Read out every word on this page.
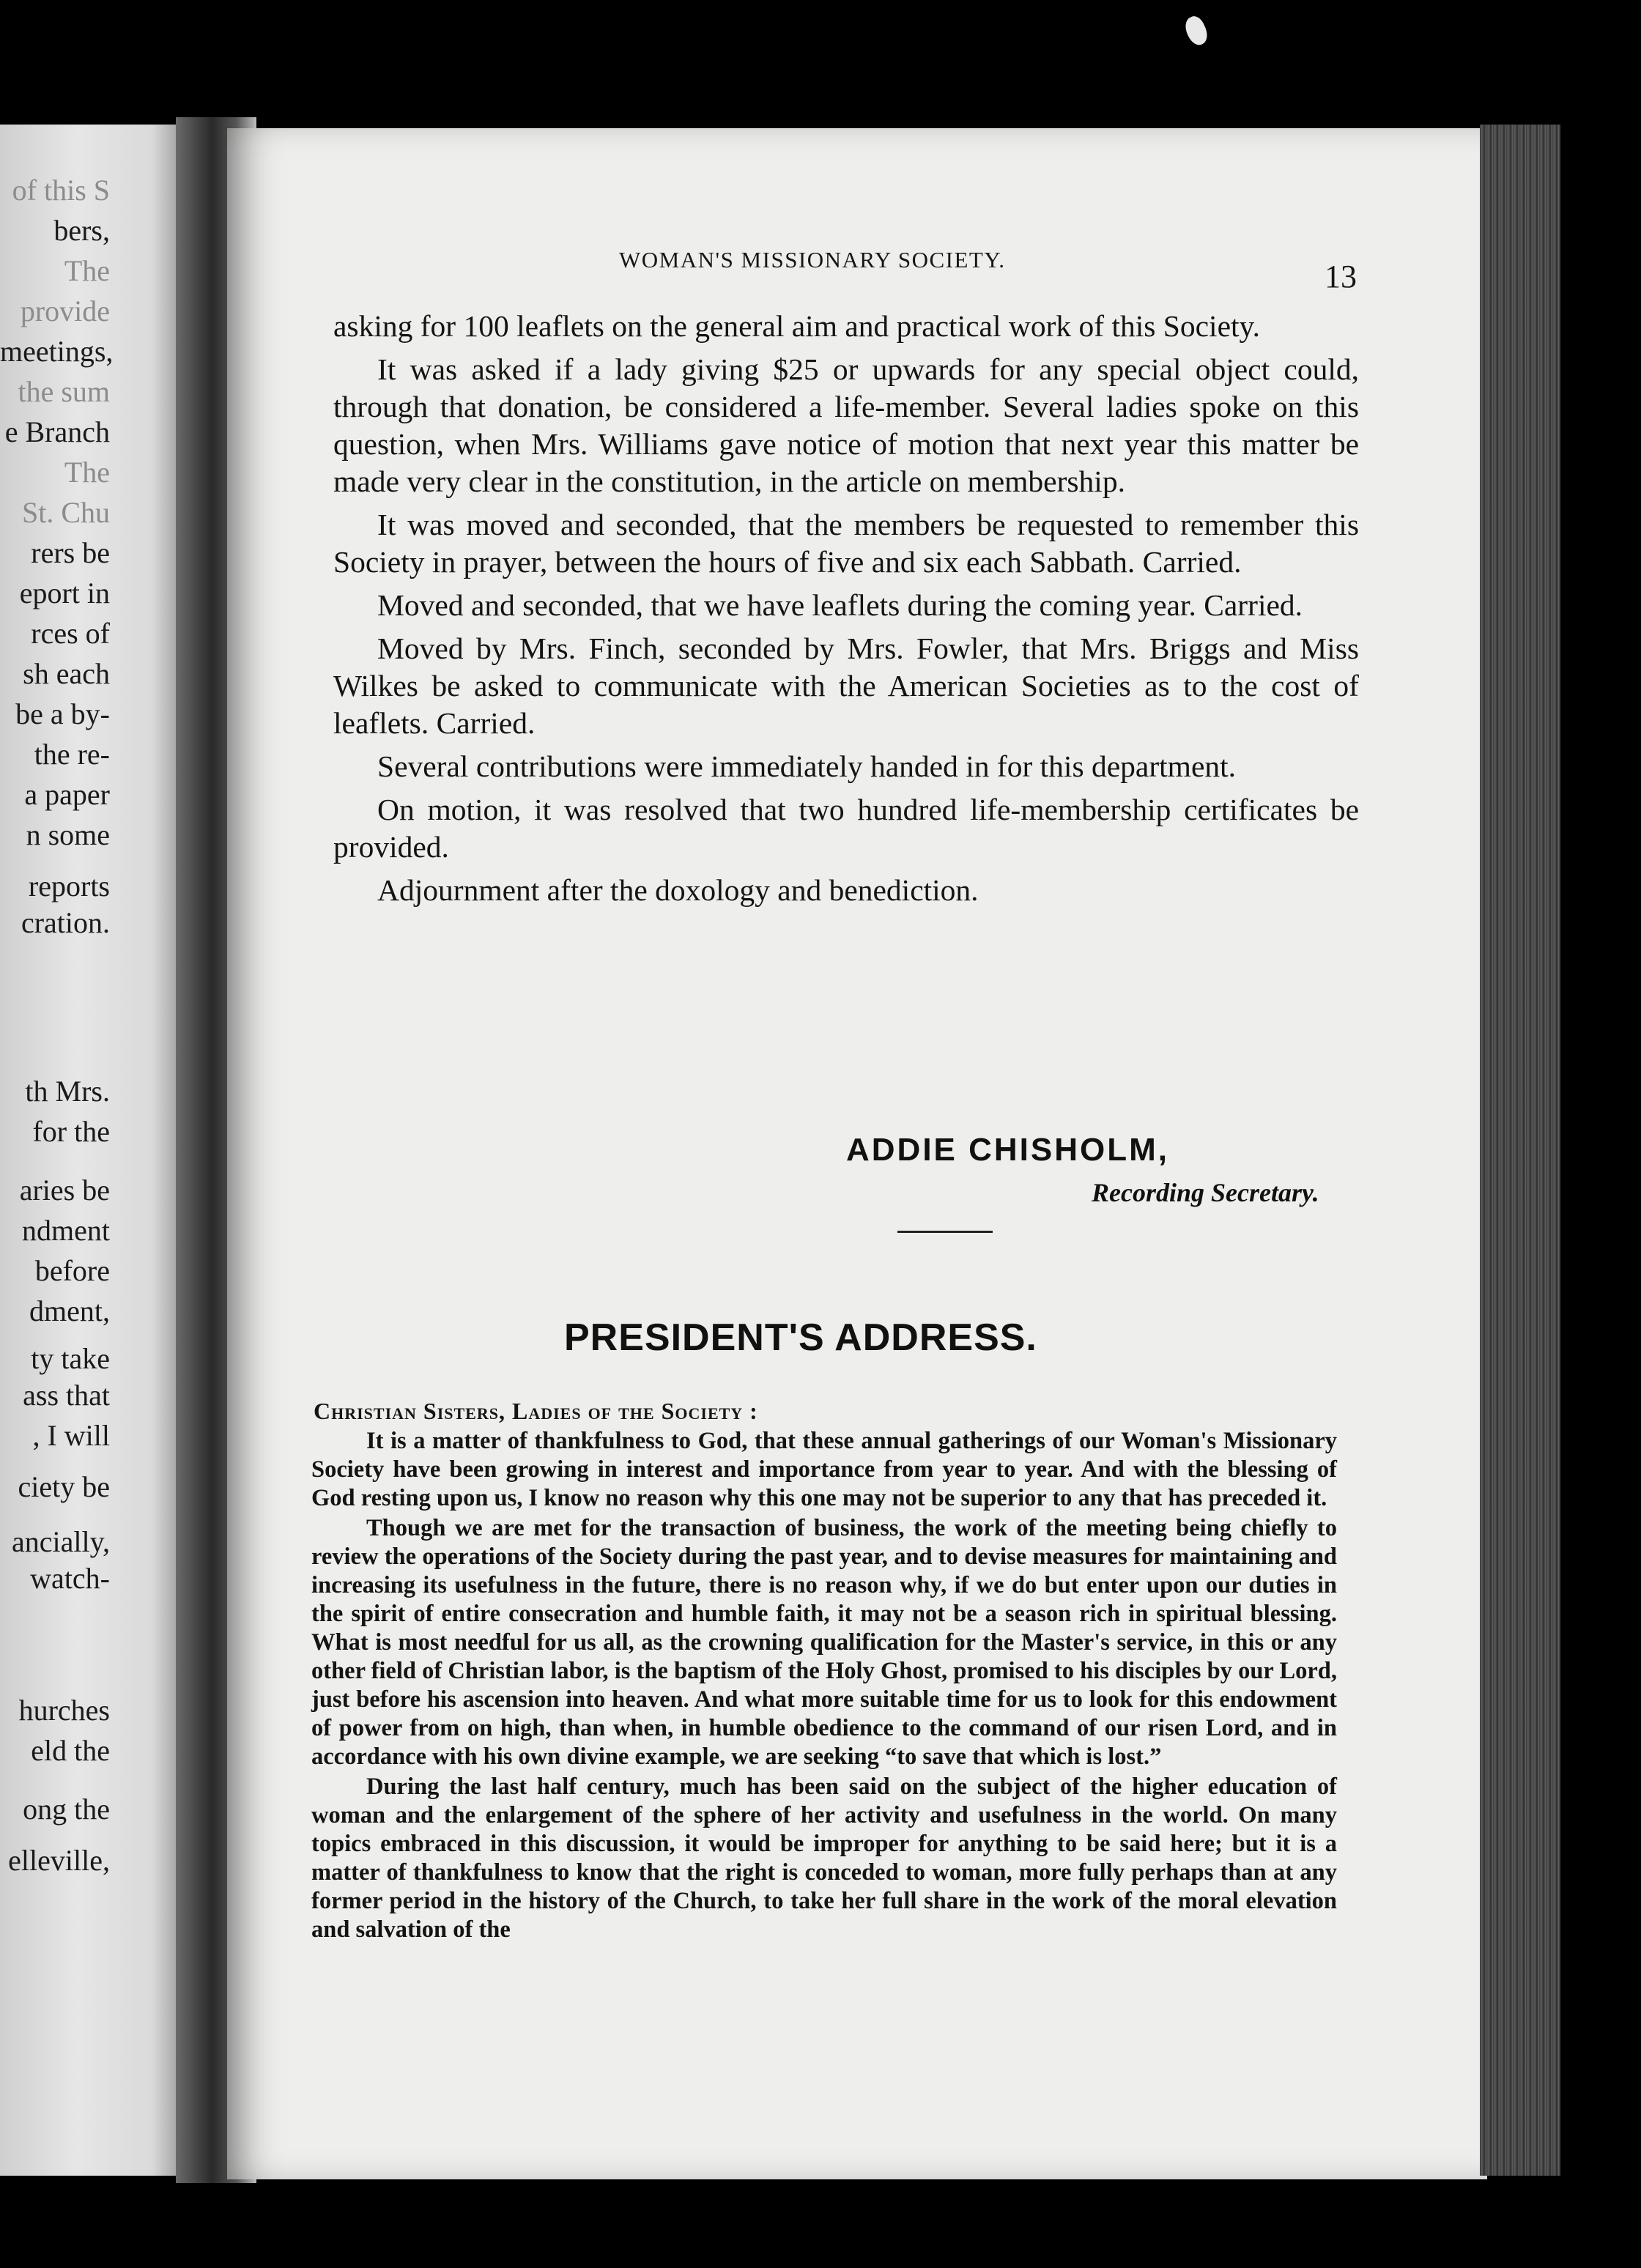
of this S
bers,
The
provide
meetings,
the sum
e Branch
The
St. Chu
rers be
eport in
rces of
sh each
be a by-
the re-
a paper
n some
reports
cration.
th Mrs.
for the
aries be
ndment
before
dment,
ty take
ass that
, I will
ciety be
ancially,
watch-
hurches
eld the
ong the
elleville,
WOMAN'S MISSIONARY SOCIETY.	13

asking for 100 leaflets on the general aim and practical work of this Society.

It was asked if a lady giving $25 or upwards for any special object could, through that donation, be considered a life-member. Several ladies spoke on this question, when Mrs. Williams gave notice of motion that next year this matter be made very clear in the constitution, in the article on membership.

It was moved and seconded, that the members be requested to remember this Society in prayer, between the hours of five and six each Sabbath. Carried.

Moved and seconded, that we have leaflets during the coming year. Carried.

Moved by Mrs. Finch, seconded by Mrs. Fowler, that Mrs. Briggs and Miss Wilkes be asked to communicate with the American Societies as to the cost of leaflets. Carried.

Several contributions were immediately handed in for this department.

On motion, it was resolved that two hundred life-membership certificates be provided.

Adjournment after the doxology and benediction.

ADDIE CHISHOLM,
Recording Secretary.
PRESIDENT'S ADDRESS.
Christian Sisters, Ladies of the Society :

It is a matter of thankfulness to God, that these annual gatherings of our Woman's Missionary Society have been growing in interest and importance from year to year. And with the blessing of God resting upon us, I know no reason why this one may not be superior to any that has preceded it.

Though we are met for the transaction of business, the work of the meeting being chiefly to review the operations of the Society during the past year, and to devise measures for maintaining and increasing its usefulness in the future, there is no reason why, if we do but enter upon our duties in the spirit of entire consecration and humble faith, it may not be a season rich in spiritual blessing. What is most needful for us all, as the crowning qualification for the Master's service, in this or any other field of Christian labor, is the baptism of the Holy Ghost, promised to his disciples by our Lord, just before his ascension into heaven. And what more suitable time for us to look for this endowment of power from on high, than when, in humble obedience to the command of our risen Lord, and in accordance with his own divine example, we are seeking “to save that which is lost.”

During the last half century, much has been said on the subject of the higher education of woman and the enlargement of the sphere of her activity and usefulness in the world. On many topics embraced in this discussion, it would be improper for anything to be said here; but it is a matter of thankfulness to know that the right is conceded to woman, more fully perhaps than at any former period in the history of the Church, to take her full share in the work of the moral elevation and salvation of the
